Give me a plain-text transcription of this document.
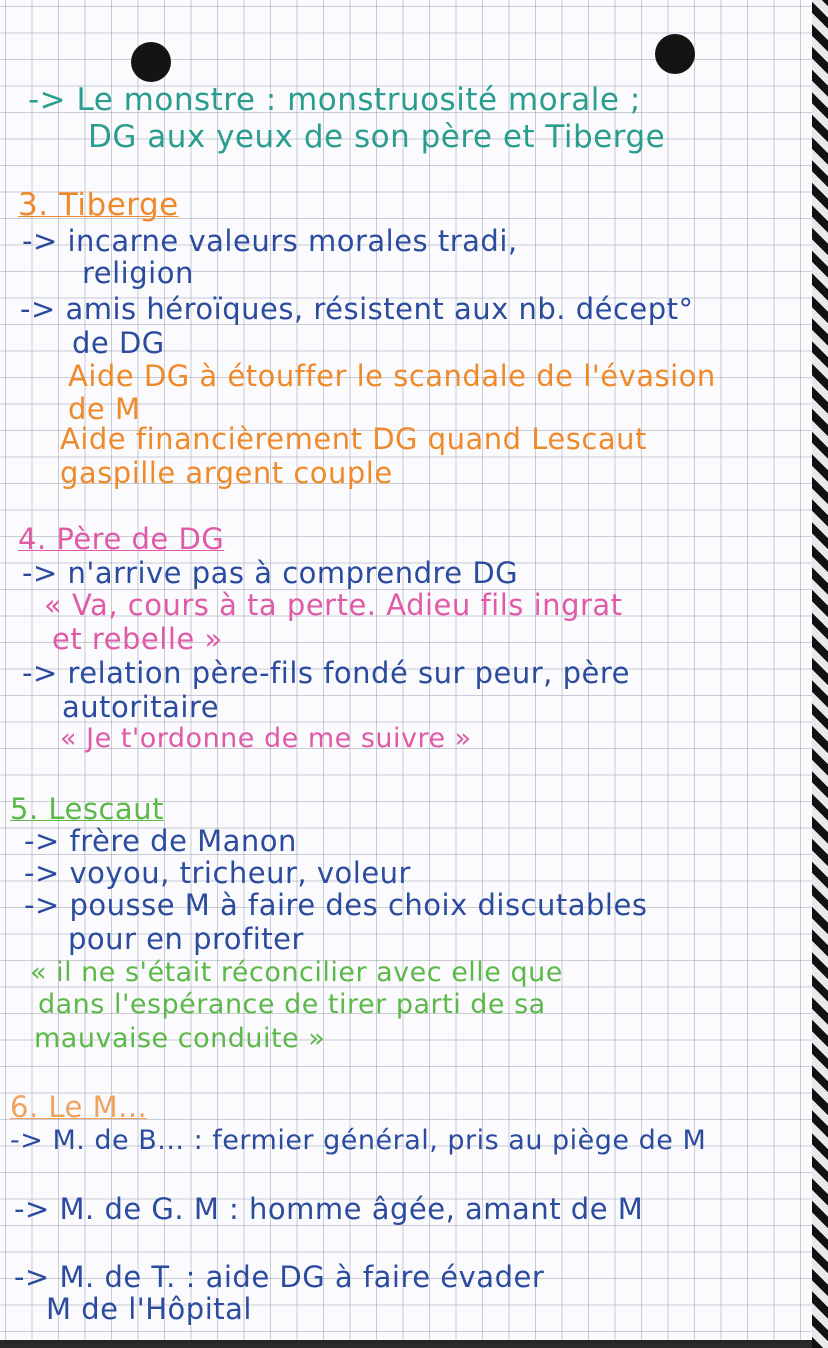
-> Le monstre : monstruosité morale ;

DG aux yeux de son père et Tiberge

3. Tiberge

-> incarne valeurs morales tradi,

religion

-> amis héroïques, résistent aux nb. décept°

de DG

Aide DG à étouffer le scandale de l'évasion

de M

Aide financièrement DG quand Lescaut

gaspille argent couple

4. Père de DG

-> n'arrive pas à comprendre DG

« Va, cours à ta perte. Adieu fils ingrat

et rebelle »

-> relation père-fils fondé sur peur, père

autoritaire

« Je t'ordonne de me suivre »

5. Lescaut

-> frère de Manon

-> voyou, tricheur, voleur

-> pousse M à faire des choix discutables

pour en profiter

« il ne s'était réconcilier avec elle que

dans l'espérance de tirer parti de sa

mauvaise conduite »

6. Le M...

-> M. de B... : fermier général, pris au piège de M

-> M. de G. M : homme âgée, amant de M

-> M. de T. : aide DG à faire évader

M de l'Hôpital
